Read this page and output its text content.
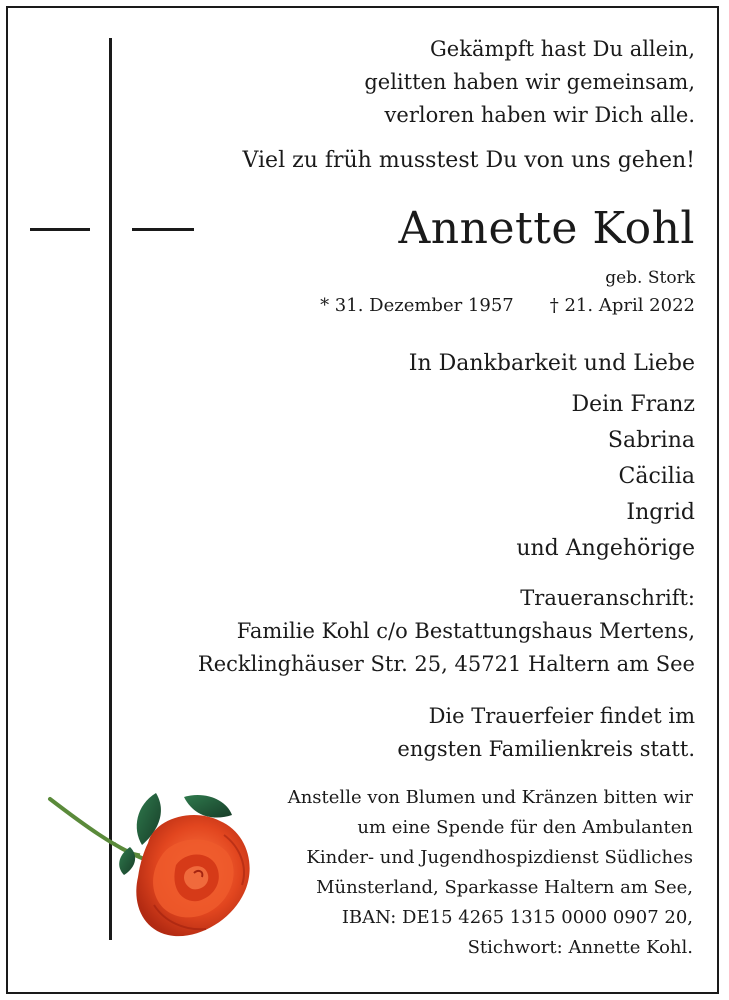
Gekämpft hast Du allein,
gelitten haben wir gemeinsam,
verloren haben wir Dich alle.
Viel zu früh musstest Du von uns gehen!
Annette Kohl
geb. Stork
* 31. Dezember 1957 † 21. April 2022
In Dankbarkeit und Liebe
Dein Franz
Sabrina
Cäcilia
Ingrid
und Angehörige
Traueranschrift:
Familie Kohl c/o Bestattungshaus Mertens,
Recklinghäuser Str. 25, 45721 Haltern am See
Die Trauerfeier findet im
engsten Familienkreis statt.
Anstelle von Blumen und Kränzen bitten wir
um eine Spende für den Ambulanten
Kinder- und Jugendhospizdienst Südliches
Münsterland, Sparkasse Haltern am See,
IBAN: DE15 4265 1315 0000 0907 20,
Stichwort: Annette Kohl.
